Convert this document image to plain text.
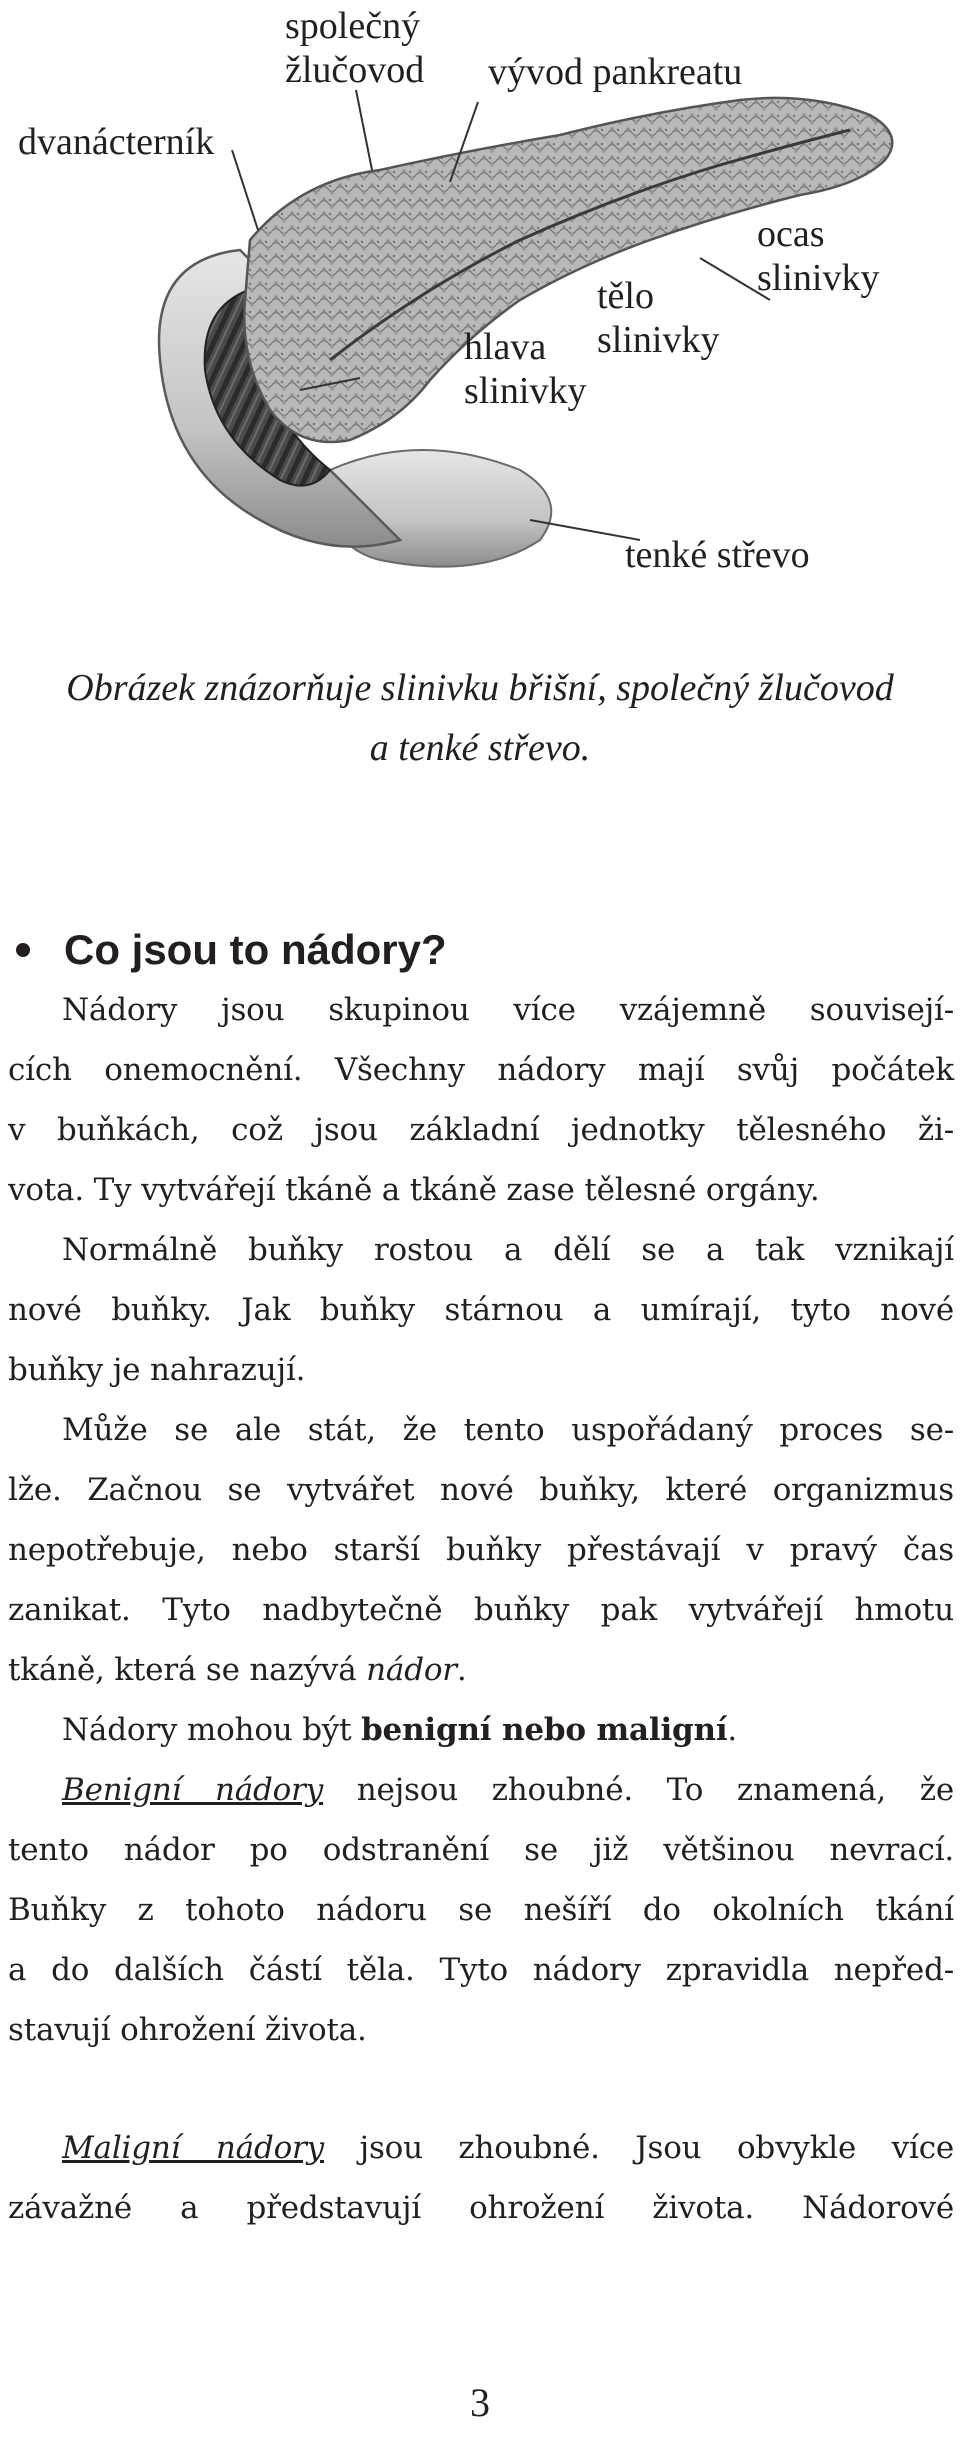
dvanácterník
společný
žlučovod vývod pankreatu
ocas
slinivky
tělo
slinivky
hlava
slinivky
tenké střevo
Obrázek znázorňuje slinivku břišní, společný žlučovod
a tenké střevo.
Co jsou to nádory?
Nádory jsou skupinou více vzájemně souvisejí-
cích onemocnění. Všechny nádory mají svůj počátek
v buňkách, což jsou základní jednotky tělesného ži-
vota. Ty vytvářejí tkáně a tkáně zase tělesné orgány.
Normálně buňky rostou a dělí se a tak vznikají
nové buňky. Jak buňky stárnou a umírají, tyto nové
buňky je nahrazují.
Může se ale stát, že tento uspořádaný proces se-
lže. Začnou se vytvářet nové buňky, které organizmus
nepotřebuje, nebo starší buňky přestávají v pravý čas
zanikat. Tyto nadbytečně buňky pak vytvářejí hmotu
tkáně, která se nazývá nádor.
Nádory mohou být benigní nebo maligní.
Benigní nádory nejsou zhoubné. To znamená, že
tento nádor po odstranění se již většinou nevrací.
Buňky z tohoto nádoru se nešíří do okolních tkání
a do dalších částí těla. Tyto nádory zpravidla nepřed-
stavují ohrožení života.
Maligní nádory jsou zhoubné. Jsou obvykle více
závažné a představují ohrožení života. Nádorové
3
